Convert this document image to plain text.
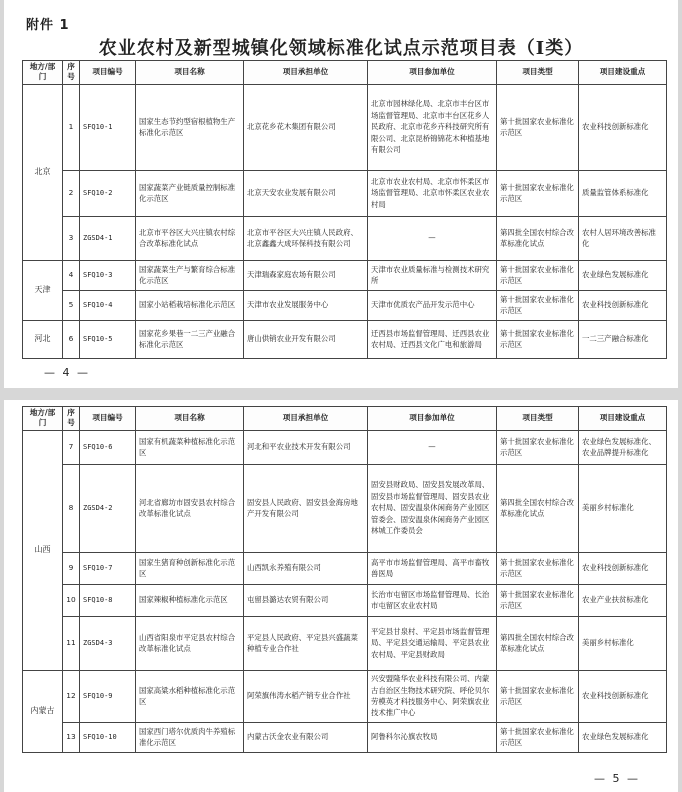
附件 1
农业农村及新型城镇化领域标准化试点示范项目表（Ⅰ类）
地方/部门	序号	项目编号	项目名称	项目承担单位	项目参加单位	项目类型	项目建设重点
北京	1	SFQ10-1	国家生态节约型宿根植物生产标准化示范区	北京花乡花木集团有限公司	北京市园林绿化局、北京市丰台区市场监督管理局、北京市丰台区花乡人民政府、北京市花乡卉科技研究所有限公司、北京昆桥锦锦花木种植基地有限公司	第十批国家农业标准化示范区	农业科技创新标准化
	2	SFQ10-2	国家蔬菜产业链质量控制标准化示范区	北京天安农业发展有限公司	北京市农业农村局、北京市怀柔区市场监督管理局、北京市怀柔区农业农村局	第十批国家农业标准化示范区	质量监管体系标准化
	3	ZGSD4-1	北京市平谷区大兴庄镇农村综合改革标准化试点	北京市平谷区大兴庄镇人民政府、北京鑫鑫大成环保科技有限公司	—	第四批全国农村综合改革标准化试点	农村人居环境改善标准化
天津	4	SFQ10-3	国家蔬菜生产与繁育综合标准化示范区	天津瑞森家庭农场有限公司	天津市农业质量标准与检测技术研究所	第十批国家农业标准化示范区	农业绿色发展标准化
	5	SFQ10-4	国家小站稻栽培标准化示范区	天津市农业发展服务中心	天津市优质农产品开发示范中心	第十批国家农业标准化示范区	农业科技创新标准化
河北	6	SFQ10-5	国家花乡果巷一二三产业融合标准化示范区	唐山供销农业开发有限公司	迁西县市场监督管理局、迁西县农业农村局、迁西县文化广电和旅游局	第十批国家农业标准化示范区	一二三产融合标准化
— 4 —
地方/部门	序号	项目编号	项目名称	项目承担单位	项目参加单位	项目类型	项目建设重点
山西	7	SFQ10-6	国家有机蔬菜种植标准化示范区	河北和平农业技术开发有限公司	—	第十批国家农业标准化示范区	农业绿色发展标准化、农业品牌提升标准化
	8	ZGSD4-2	河北省廊坊市固安县农村综合改革标准化试点	固安县人民政府、固安县金海房地产开发有限公司	固安县财政局、固安县发展改革局、固安县市场监督管理局、固安县农业农村局、固安温泉休闲商务产业园区管委会、固安温泉休闲商务产业园区林城工作委员会	第四批全国农村综合改革标准化试点	美丽乡村标准化
	9	SFQ10-7	国家生猪育种创新标准化示范区	山西凯永养殖有限公司	高平市市场监督管理局、高平市畜牧兽医局	第十批国家农业标准化示范区	农业科技创新标准化
	10	SFQ10-8	国家辣椒种植标准化示范区	屯留县潞达农贸有限公司	长治市屯留区市场监督管理局、长治市屯留区农业农村局	第十批国家农业标准化示范区	农业产业扶贫标准化
	11	ZGSD4-3	山西省阳泉市平定县农村综合改革标准化试点	平定县人民政府、平定县兴盛蔬菜种植专业合作社	平定县甘泉村、平定县市场监督管理局、平定县交通运输局、平定县农业农村局、平定县财政局	第四批全国农村综合改革标准化试点	美丽乡村标准化
内蒙古	12	SFQ10-9	国家高粱水稻种植标准化示范区	阿荣旗伟涛水稻产销专业合作社	兴安盟隆华农业科技有限公司、内蒙古自治区生物技术研究院、呼伦贝尔劳模英才科技服务中心、阿荣旗农业技术推广中心	第十批国家农业标准化示范区	农业科技创新标准化
	13	SFQ10-10	国家西门塔尔优质肉牛养殖标准化示范区	内蒙古沃金农业有限公司	阿鲁科尔沁旗农牧局	第十批国家农业标准化示范区	农业绿色发展标准化
— 5 —
